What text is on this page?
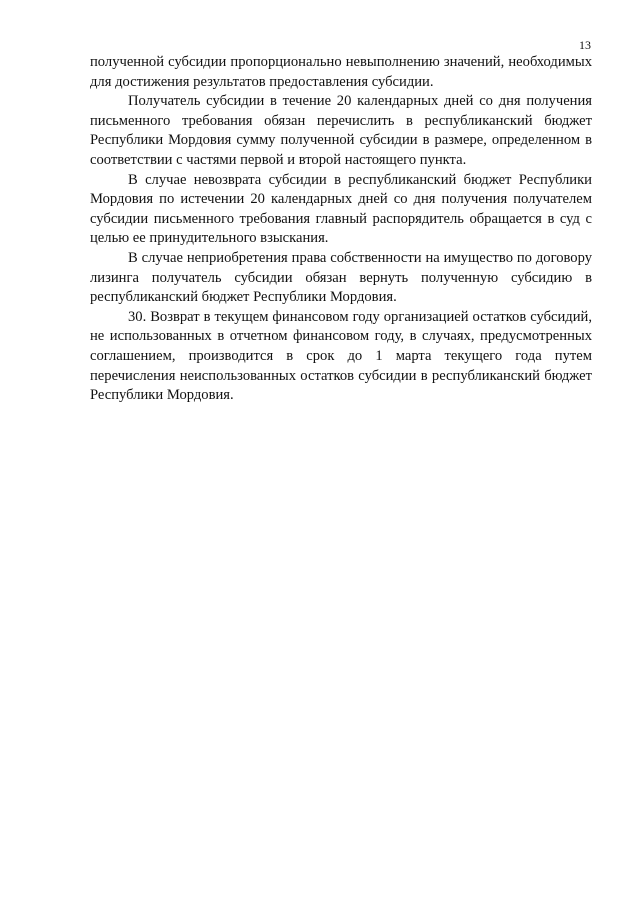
13

полученной субсидии пропорционально невыполнению значений, необходимых для достижения результатов предоставления субсидии.

Получатель субсидии в течение 20 календарных дней со дня получения письменного требования обязан перечислить в республиканский бюджет Республики Мордовия сумму полученной субсидии в размере, определенном в соответствии с частями первой и второй настоящего пункта.

В случае невозврата субсидии в республиканский бюджет Республики Мордовия по истечении 20 календарных дней со дня получения получателем субсидии письменного требования главный распорядитель обращается в суд с целью ее принудительного взыскания.

В случае неприобретения права собственности на имущество по договору лизинга получатель субсидии обязан вернуть полученную субсидию в республиканский бюджет Республики Мордовия.

30. Возврат в текущем финансовом году организацией остатков субсидий, не использованных в отчетном финансовом году, в случаях, предусмотренных соглашением, производится в срок до 1 марта текущего года путем перечисления неиспользованных остатков субсидии в республиканский бюджет Республики Мордовия.
